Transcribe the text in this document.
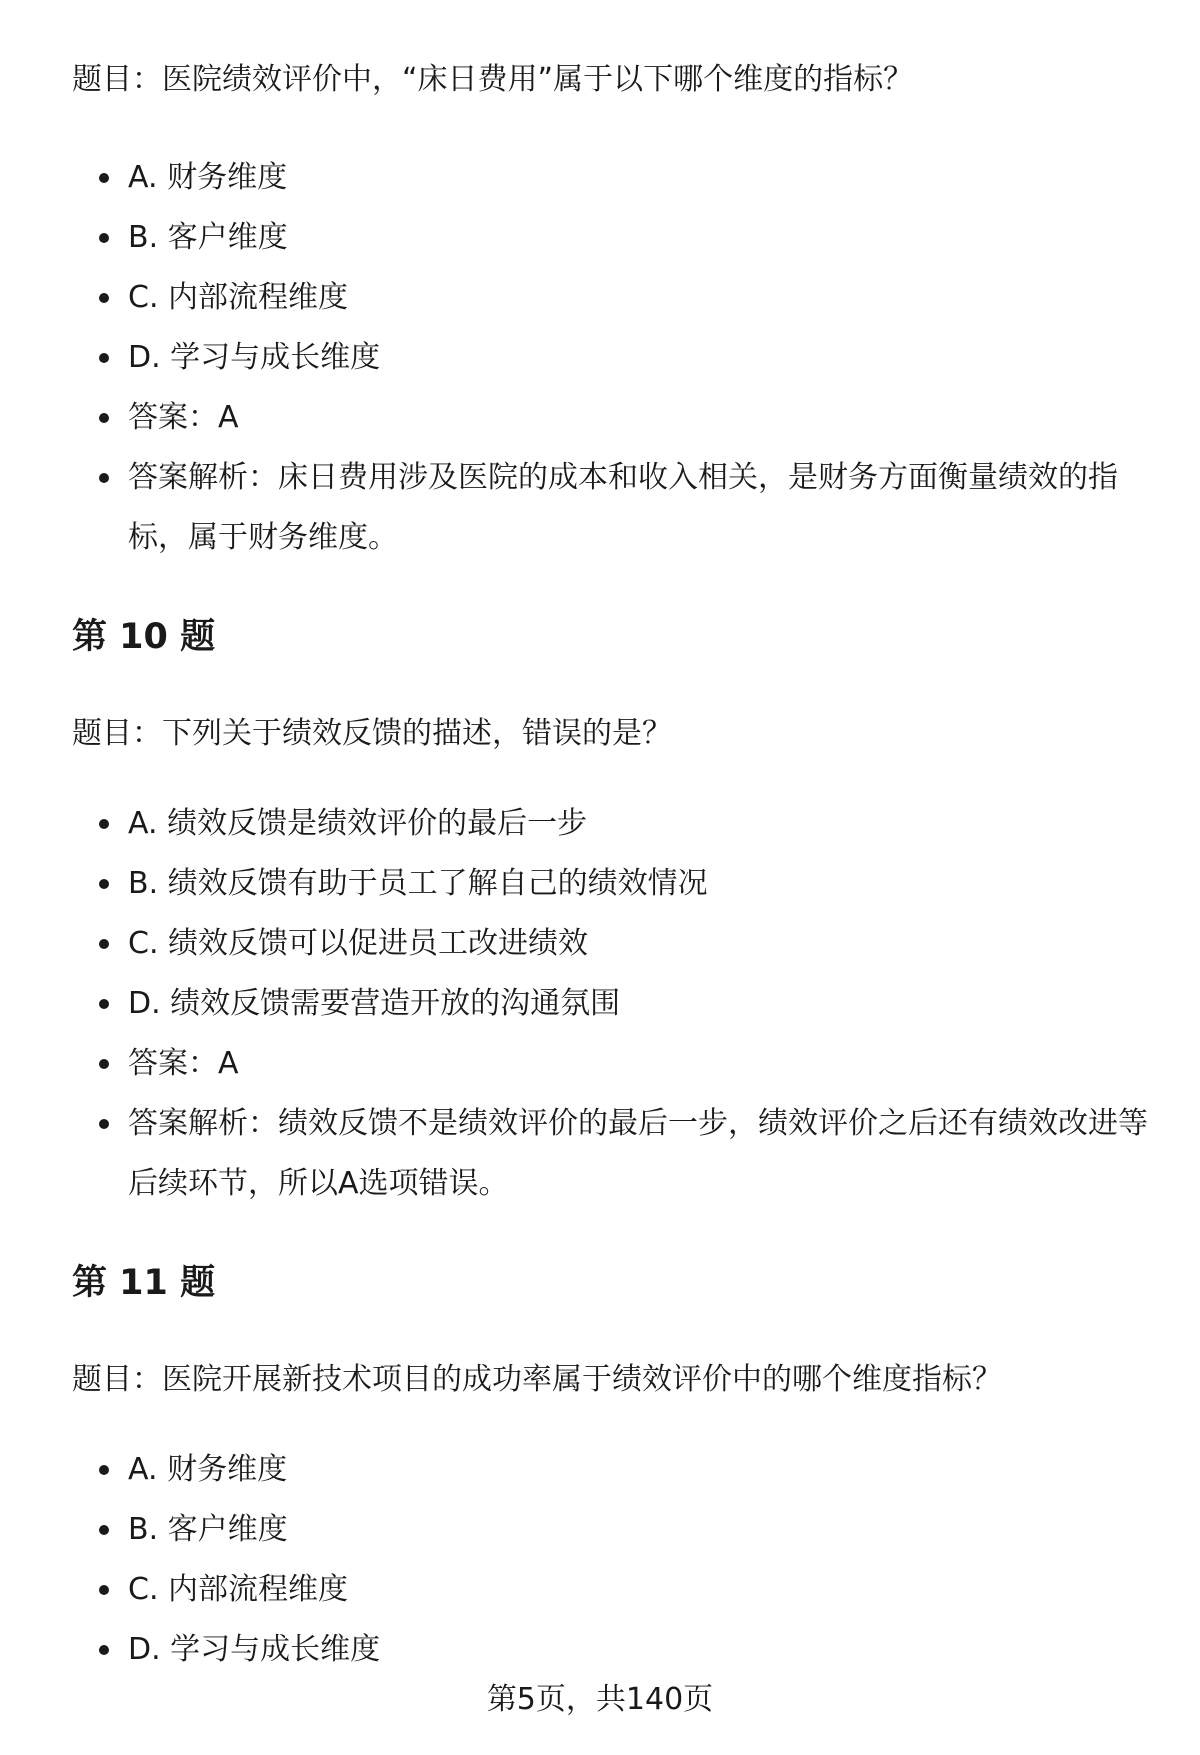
题目：医院绩效评价中，“床日费用”属于以下哪个维度的指标？

A. 财务维度
B. 客户维度
C. 内部流程维度
D. 学习与成长维度
答案：A
答案解析：床日费用涉及医院的成本和收入相关，是财务方面衡量绩效的指
标，属于财务维度。
第 10 题

题目：下列关于绩效反馈的描述，错误的是？

A. 绩效反馈是绩效评价的最后一步
B. 绩效反馈有助于员工了解自己的绩效情况
C. 绩效反馈可以促进员工改进绩效
D. 绩效反馈需要营造开放的沟通氛围
答案：A
答案解析：绩效反馈不是绩效评价的最后一步，绩效评价之后还有绩效改进等
后续环节，所以A选项错误。
第 11 题

题目：医院开展新技术项目的成功率属于绩效评价中的哪个维度指标？

A. 财务维度
B. 客户维度
C. 内部流程维度
D. 学习与成长维度
第5页，共140页
